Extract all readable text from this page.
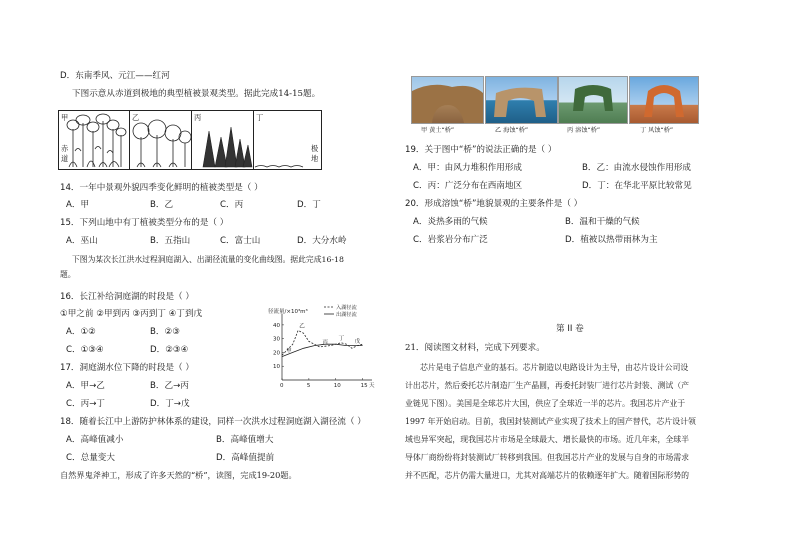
D．东南季风、元江——红河
下图示意从赤道到极地的典型植被景观类型。据此完成14-15题。
甲	乙	丙	丁
赤
道
极
地
14．一年中景观外貌四季变化鲜明的植被类型是（ ）
A．甲	B．乙	C．丙	D．丁
15．下列山地中有丁植被类型分布的是（ ）
A．巫山	B．五指山	C．富士山	D．大分水岭
下图为某次长江洪水过程洞庭湖入、出湖径流量的变化曲线图。据此完成16-18
题。
16．长江补给洞庭湖的时段是（ ）
①甲之前 ②甲到丙 ③丙到丁 ④丁到戊
A．①②	B．②③
C．①③④	D．②③④
17．洞庭湖水位下降的时段是（ ）
A．甲→乙	B．乙→丙
C．丙→丁	D．丁→戊
径流量/×10³m³
入湖径流
出湖径流
0	5	10	15 天
40
30
20
10
甲
乙
丙
丁 戊
18．随着长江中上游防护林体系的建设，同样一次洪水过程洞庭湖入湖径流（ ）
A．高峰值减小	B．高峰值增大
C．总量变大	D．高峰值提前
自然界鬼斧神工，形成了许多天然的“桥”，读图，完成19-20题。
甲 黄土“桥”	乙 海蚀“桥”	丙 溶蚀“桥”	丁 风蚀“桥”
19．关于图中“桥”的说法正确的是（ ）
A．甲：由风力堆积作用形成	B．乙：由流水侵蚀作用形成
C．丙：广泛分布在西南地区	D．丁：在华北平原比较常见
20．形成溶蚀“桥”地貌景观的主要条件是（ ）
A．炎热多雨的气候	B．温和干燥的气候
C．岩浆岩分布广泛	D．植被以热带雨林为主
第 II 卷
21．阅读图文材料，完成下列要求。
芯片是电子信息产业的基石。芯片制造以电路设计为主导，由芯片设计公司设
计出芯片，然后委托芯片制造厂生产晶圆，再委托封装厂进行芯片封装、测试（产
业链见下图）。美国是全球芯片大国，供应了全球近一半的芯片。我国芯片产业于
1997 年开始启动。目前，我国封装测试产业实现了技术上的国产替代，芯片设计领
域也异军突起，现我国芯片市场是全球最大、增长最快的市场。近几年来，全球半
导体厂商纷纷将封装测试厂转移到我国。但我国芯片产业的发展与自身的市场需求
并不匹配，芯片仍需大量进口，尤其对高端芯片的依赖逐年扩大。随着国际形势的
